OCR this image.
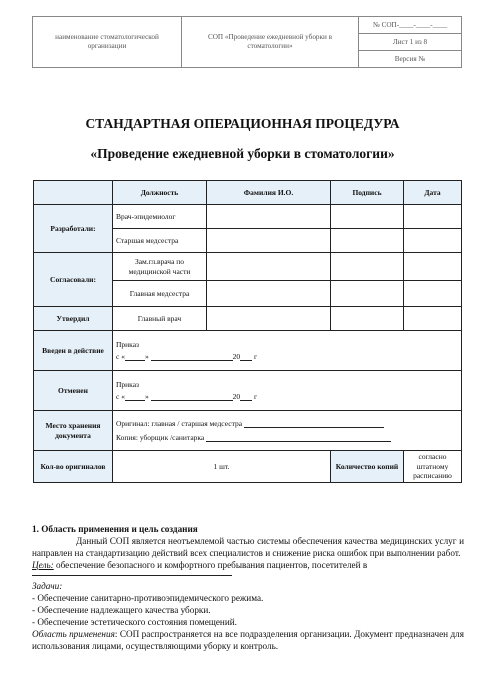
наименование стоматологической организации	СОП «Проведение ежедневной уборки в стоматологии»	
№ СОП-____-____-____
Лист 1 из 8
Версия №
СТАНДАРТНАЯ ОПЕРАЦИОННАЯ ПРОЦЕДУРА
«Проведение ежедневной уборки в стоматологии»
	Должность	Фамилия И.О.	Подпись	Дата
Разработали:	Врач-эпидемиолог			
	Старшая медсестра			
Согласовали:	Зам.гл.врача по медицинской части			
	Главная медсестра			
Утвердил	Главный врач			
Введен в действие	Приказ
с « » 20 г			

Отменен	Приказ
с « » 20 г			

Место хранения документа	Оригинал: главная / старшая медсестра
Копия: уборщик /санитарка			

Кол-во оригиналов	1 шт.		Количество копий	согласно штатному расписанию

1. Область применения и цель создания

Данный СОП является неотъемлемой частью системы обеспечения качества медицинских услуг и направлен на стандартизацию действий всех специалистов и снижение риска ошибок при выполнении работ.

Цель: обеспечение безопасного и комфортного пребывания пациентов, посетителей в

Задачи:

- Обеспечение санитарно-противоэпидемического режима.

- Обеспечение надлежащего качества уборки.

- Обеспечение эстетического состояния помещений.

Область применения: СОП распространяется на все подразделения организации. Документ предназначен для использования лицами, осуществляющими уборку и контроль.
